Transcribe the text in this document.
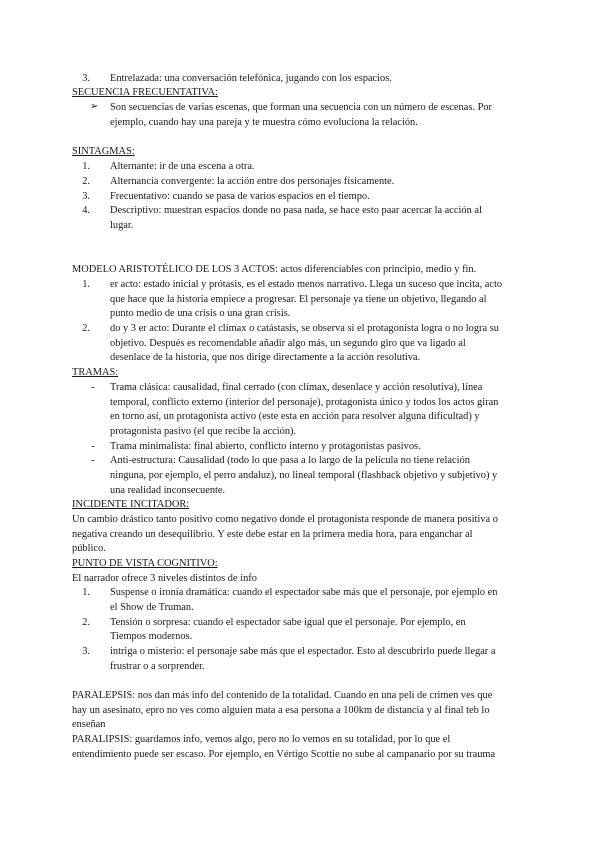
3. Entrelazada: una conversación telefónica, jugando con los espacios.
SECUENCIA FRECUENTATIVA:
➢ Son secuencias de varias escenas, que forman una secuencia con un número de escenas. Por
ejemplo, cuando hay una pareja y te muestra cómo evoluciona la relación.
SINTAGMAS:
1. Alternante: ir de una escena a otra.
2. Alternancia convergente: la acción entre dos personajes físicamente.
3. Frecuentativo: cuando se pasa de varios espacios en el tiempo.
4. Descriptivo: muestran espacios donde no pasa nada, se hace esto paar acercar la acción al
lugar.
MODELO ARISTOTÉLICO DE LOS 3 ACTOS: actos diferenciables con principio, medio y fin.
1. er acto: estado inicial y prótasis, es el estado menos narrativo. Llega un suceso que incita, acto
que hace que la historia empiece a progresar. El personaje ya tiene un objetivo, llegando al
punto medio de una crisis o una gran crisis.
2. do y 3 er acto: Durante el clímax o catástasis, se observa si el protagonista logra o no logra su
objetivo. Después es recomendable añadir algo más, un segundo giro que va ligado al
desenlace de la historia, que nos dirige directamente a la acción resolutiva.
TRAMAS:
-	Trama clásica: causalidad, final cerrado (con clímax, desenlace y acción resolutiva), línea
temporal, conflicto externo (interior del personaje), protagonista único y todos los actos giran
en torno así, un protagonista activo (este esta en acción para resolver alguna dificultad) y
protagonista pasivo (el que recibe la acción).
-	Trama minimalista: final abierto, conflicto interno y protagonistas pasivos.
-	Anti-estructura: Causalidad (todo lo que pasa a lo largo de la película no tiene relación
ninguna, por ejemplo, el perro andaluz), no lineal temporal (flashback objetivo y subjetivo) y
una realidad inconsecuente.
INCIDENTE INCITADOR:
Un cambio drástico tanto positivo como negativo donde el protagonista responde de manera positiva o
negativa creando un desequilibrio. Y este debe estar en la primera media hora, para enganchar al
público.
PUNTO DE VISTA COGNITIVO:
El narrador ofrece 3 niveles distintos de info
1. Suspense o ironía dramática: cuando el espectador sabe más que el personaje, por ejemplo en
el Show de Truman.
2. Tensión o sorpresa: cuando el espectador sabe igual que el personaje. Por ejemplo, en
Tiempos modernos.
3. intriga o misterio: el personaje sabe más que el espectador. Esto al descubrirlo puede llegar a
frustrar o a sorprender.
PARALEPSIS: nos dan más info del contenido de la totalidad. Cuando en una peli de crimen ves que
hay un asesinato, epro no ves como alguien mata a esa persona a 100km de distancia y al final teb lo
enseñan
PARALIPSIS: guardamos info, vemos algo, pero no lo vemos en su totalidad, por lo que el
entendimiento puede ser escaso. Por ejemplo, en Vértigo Scottie no sube al campanario por su trauma
